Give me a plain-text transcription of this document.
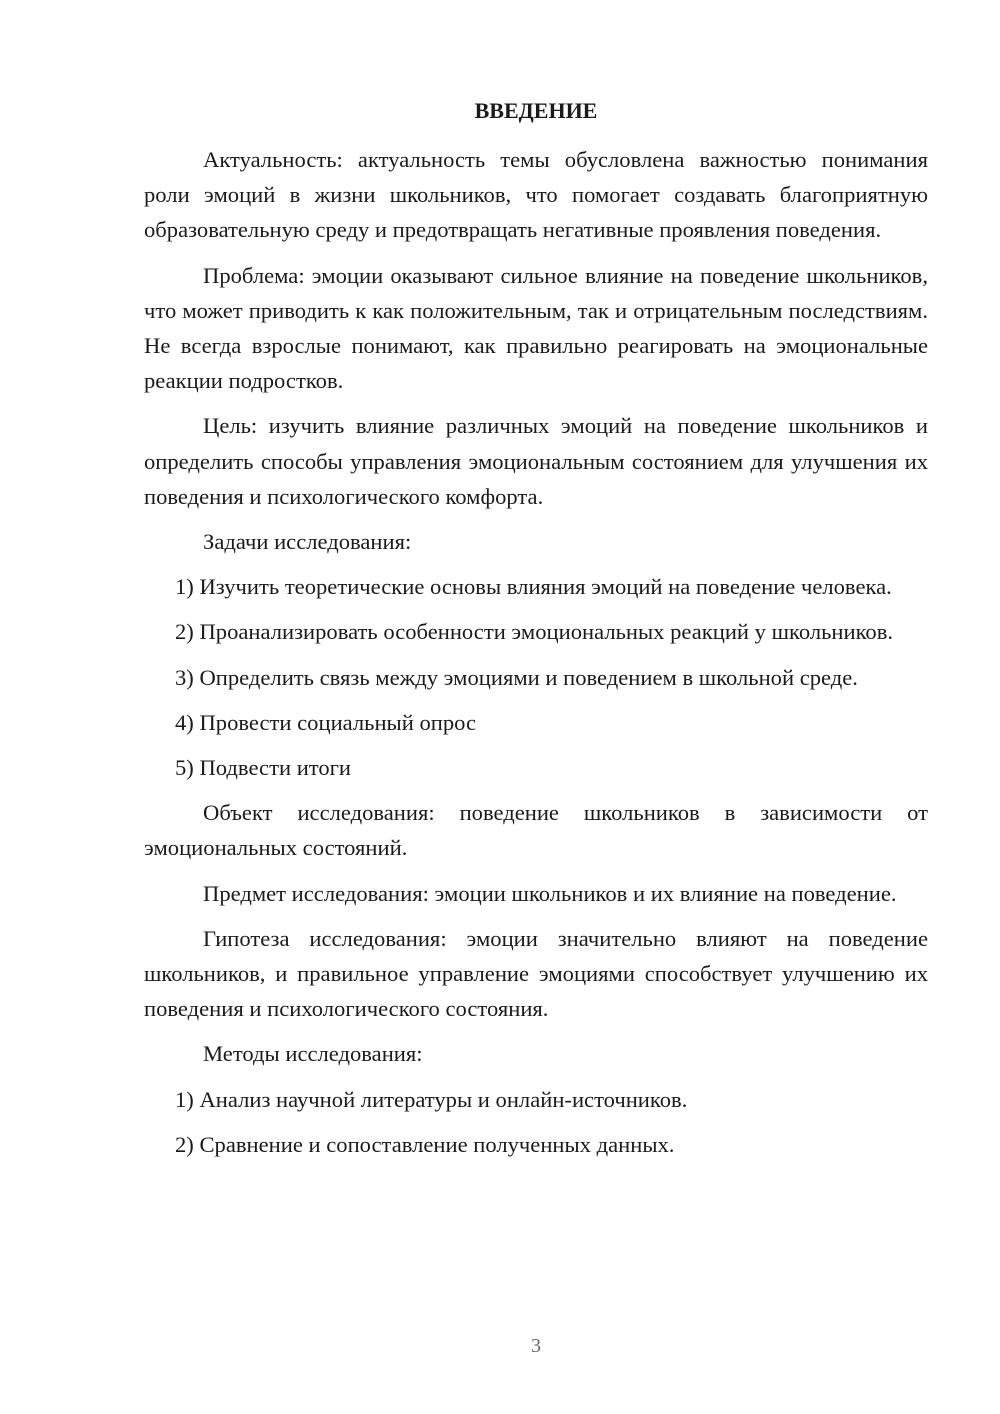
ВВЕДЕНИЕ

Актуальность: актуальность темы обусловлена важностью понимания роли эмоций в жизни школьников, что помогает создавать благоприятную образовательную среду и предотвращать негативные проявления поведения.

Проблема: эмоции оказывают сильное влияние на поведение школьников, что может приводить к как положительным, так и отрицательным последствиям. Не всегда взрослые понимают, как правильно реагировать на эмоциональные реакции подростков.

Цель: изучить влияние различных эмоций на поведение школьников и определить способы управления эмоциональным состоянием для улучшения их поведения и психологического комфорта.

Задачи исследования:

1) Изучить теоретические основы влияния эмоций на поведение человека.

2) Проанализировать особенности эмоциональных реакций у школьников.

3) Определить связь между эмоциями и поведением в школьной среде.

4) Провести социальный опрос

5) Подвести итоги

Объект исследования: поведение школьников в зависимости от эмоциональных состояний.

Предмет исследования: эмоции школьников и их влияние на поведение.

Гипотеза исследования: эмоции значительно влияют на поведение школьников, и правильное управление эмоциями способствует улучшению их поведения и психологического состояния.

Методы исследования:

1) Анализ научной литературы и онлайн-источников.

2) Сравнение и сопоставление полученных данных.

3
